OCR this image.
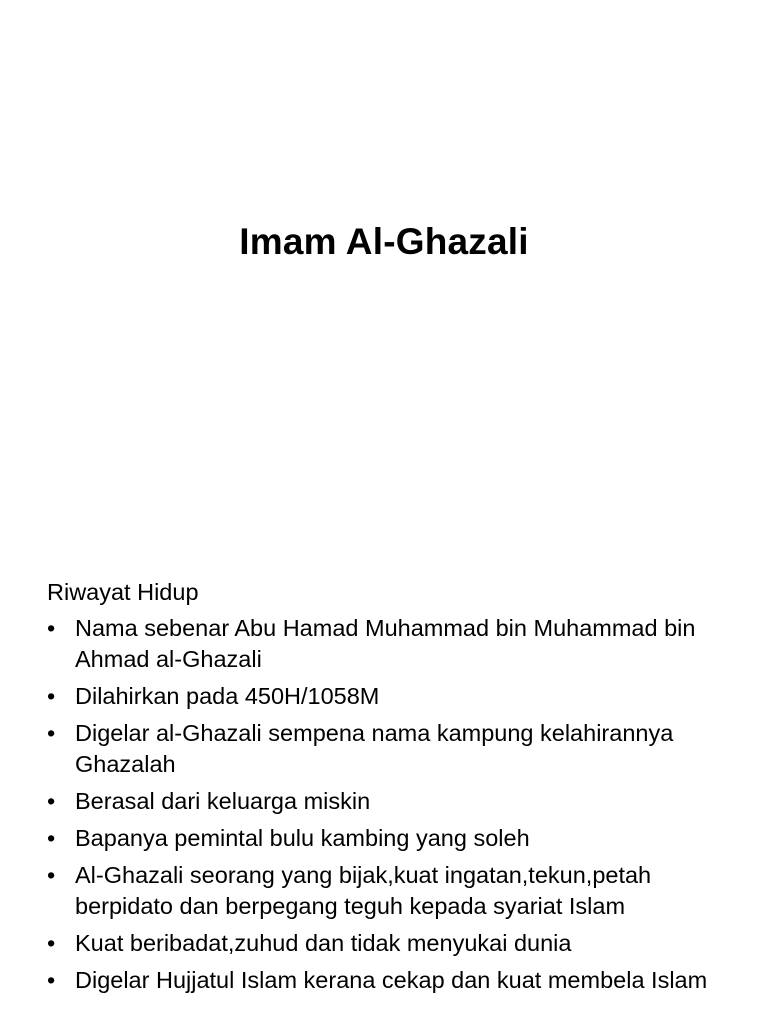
Imam Al-Ghazali
Riwayat Hidup
• Nama sebenar Abu Hamad Muhammad bin Muhammad bin Ahmad al-Ghazali
• Dilahirkan pada 450H/1058M
• Digelar al-Ghazali sempena nama kampung kelahirannya Ghazalah
• Berasal dari keluarga miskin
• Bapanya pemintal bulu kambing yang soleh
• Al-Ghazali seorang yang bijak,kuat ingatan,tekun,petah berpidato dan berpegang teguh kepada syariat Islam
• Kuat beribadat,zuhud dan tidak menyukai dunia
• Digelar Hujjatul Islam kerana cekap dan kuat membela Islam
